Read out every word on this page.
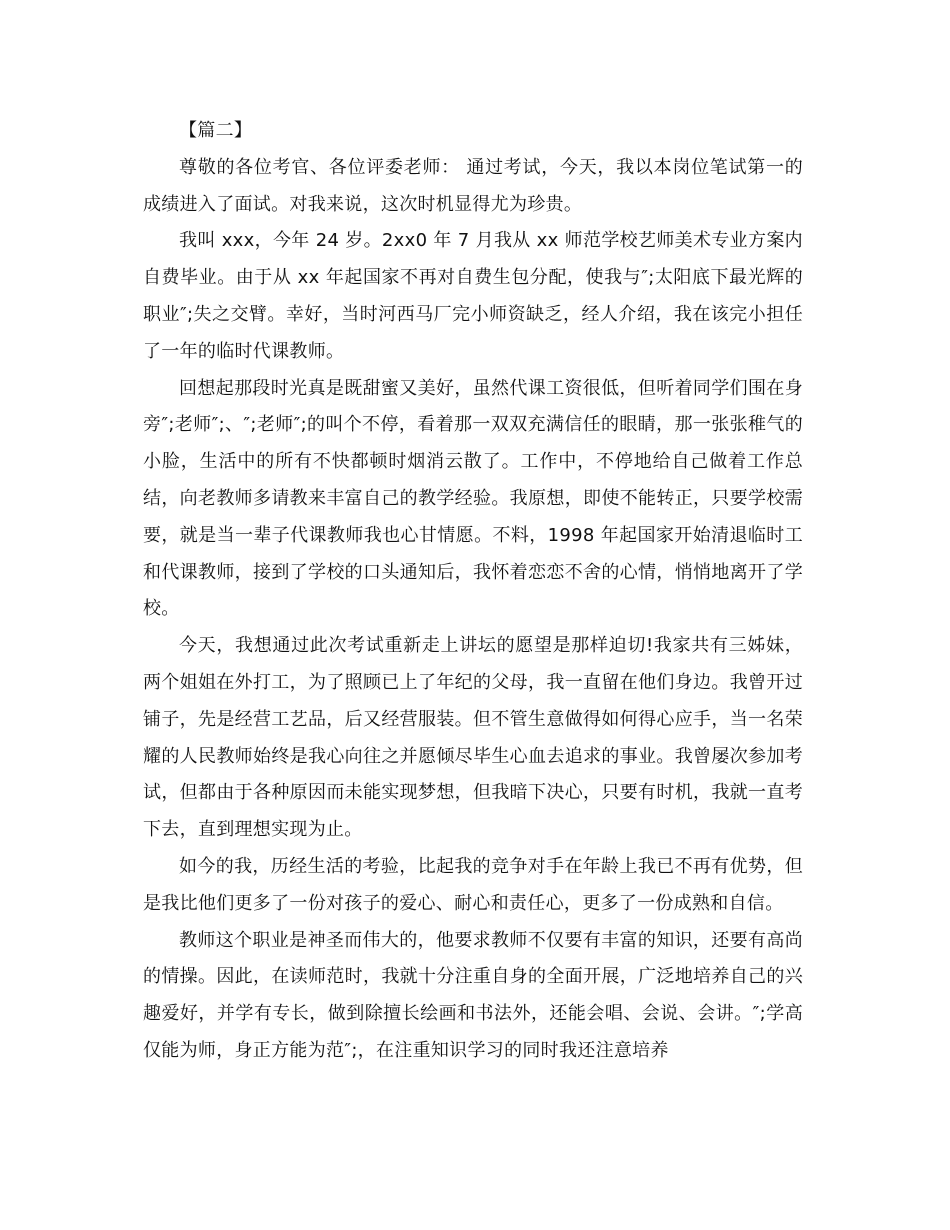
【篇二】

尊敬的各位考官、各位评委老师： 通过考试，今天，我以本岗位笔试第一的成绩进入了面试。对我来说，这次时机显得尤为珍贵。

我叫 xxx，今年 24 岁。2xx0 年 7 月我从 xx 师范学校艺师美术专业方案内自费毕业。由于从 xx 年起国家不再对自费生包分配，使我与″;太阳底下最光辉的职业″;失之交臂。幸好，当时河西马厂完小师资缺乏，经人介绍，我在该完小担任了一年的临时代课教师。

回想起那段时光真是既甜蜜又美好，虽然代课工资很低，但听着同学们围在身旁″;老师″;、″;老师″;的叫个不停，看着那一双双充满信任的眼睛，那一张张稚气的小脸，生活中的所有不快都顿时烟消云散了。工作中，不停地给自己做着工作总结，向老教师多请教来丰富自己的教学经验。我原想，即使不能转正，只要学校需要，就是当一辈子代课教师我也心甘情愿。不料，1998 年起国家开始清退临时工和代课教师，接到了学校的口头通知后，我怀着恋恋不舍的心情，悄悄地离开了学校。

今天，我想通过此次考试重新走上讲坛的愿望是那样迫切!我家共有三姊妹，两个姐姐在外打工，为了照顾已上了年纪的父母，我一直留在他们身边。我曾开过铺子，先是经营工艺品，后又经营服装。但不管生意做得如何得心应手，当一名荣耀的人民教师始终是我心向往之并愿倾尽毕生心血去追求的事业。我曾屡次参加考试，但都由于各种原因而未能实现梦想，但我暗下决心，只要有时机，我就一直考下去，直到理想实现为止。

如今的我，历经生活的考验，比起我的竞争对手在年龄上我已不再有优势，但是我比他们更多了一份对孩子的爱心、耐心和责任心，更多了一份成熟和自信。

教师这个职业是神圣而伟大的，他要求教师不仅要有丰富的知识，还要有高尚的情操。因此，在读师范时，我就十分注重自身的全面开展，广泛地培养自己的兴趣爱好，并学有专长，做到除擅长绘画和书法外，还能会唱、会说、会讲。″;学高仅能为师，身正方能为范″;，在注重知识学习的同时我还注意培养
